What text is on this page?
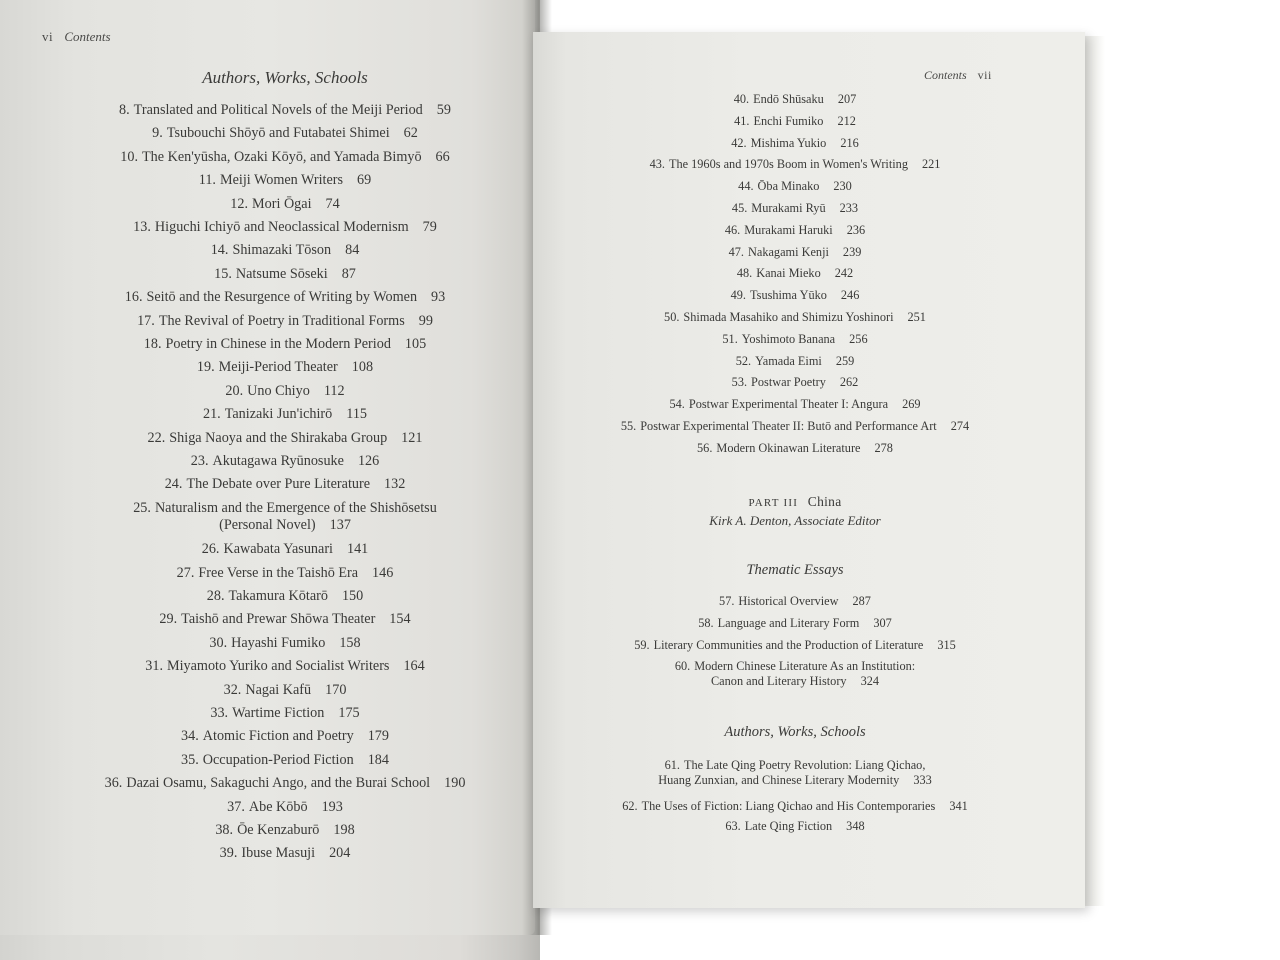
vi Contents
Contents vii
Authors, Works, Schools
8. Translated and Political Novels of the Meiji Period 59
9. Tsubouchi Shōyō and Futabatei Shimei 62
10. The Ken'yūsha, Ozaki Kōyō, and Yamada Bimyō 66
11. Meiji Women Writers 69
12. Mori Ōgai 74
13. Higuchi Ichiyō and Neoclassical Modernism 79
14. Shimazaki Tōson 84
15. Natsume Sōseki 87
16. Seitō and the Resurgence of Writing by Women 93
17. The Revival of Poetry in Traditional Forms 99
18. Poetry in Chinese in the Modern Period 105
19. Meiji-Period Theater 108
20. Uno Chiyo 112
21. Tanizaki Jun'ichirō 115
22. Shiga Naoya and the Shirakaba Group 121
23. Akutagawa Ryūnosuke 126
24. The Debate over Pure Literature 132
25. Naturalism and the Emergence of the Shishōsetsu
(Personal Novel) 137
26. Kawabata Yasunari 141
27. Free Verse in the Taishō Era 146
28. Takamura Kōtarō 150
29. Taishō and Prewar Shōwa Theater 154
30. Hayashi Fumiko 158
31. Miyamoto Yuriko and Socialist Writers 164
32. Nagai Kafū 170
33. Wartime Fiction 175
34. Atomic Fiction and Poetry 179
35. Occupation-Period Fiction 184
36. Dazai Osamu, Sakaguchi Ango, and the Burai School 190
37. Abe Kōbō 193
38. Ōe Kenzaburō 198
39. Ibuse Masuji 204
40. Endō Shūsaku 207
41. Enchi Fumiko 212
42. Mishima Yukio 216
43. The 1960s and 1970s Boom in Women's Writing 221
44. Ōba Minako 230
45. Murakami Ryū 233
46. Murakami Haruki 236
47. Nakagami Kenji 239
48. Kanai Mieko 242
49. Tsushima Yūko 246
50. Shimada Masahiko and Shimizu Yoshinori 251
51. Yoshimoto Banana 256
52. Yamada Eimi 259
53. Postwar Poetry 262
54. Postwar Experimental Theater I: Angura 269
55. Postwar Experimental Theater II: Butō and Performance Art 274
56. Modern Okinawan Literature 278
PART III China
Kirk A. Denton, Associate Editor
Thematic Essays
57. Historical Overview 287
58. Language and Literary Form 307
59. Literary Communities and the Production of Literature 315
60. Modern Chinese Literature As an Institution:
Canon and Literary History 324
Authors, Works, Schools
61. The Late Qing Poetry Revolution: Liang Qichao,
Huang Zunxian, and Chinese Literary Modernity 333
62. The Uses of Fiction: Liang Qichao and His Contemporaries 341
63. Late Qing Fiction 348
